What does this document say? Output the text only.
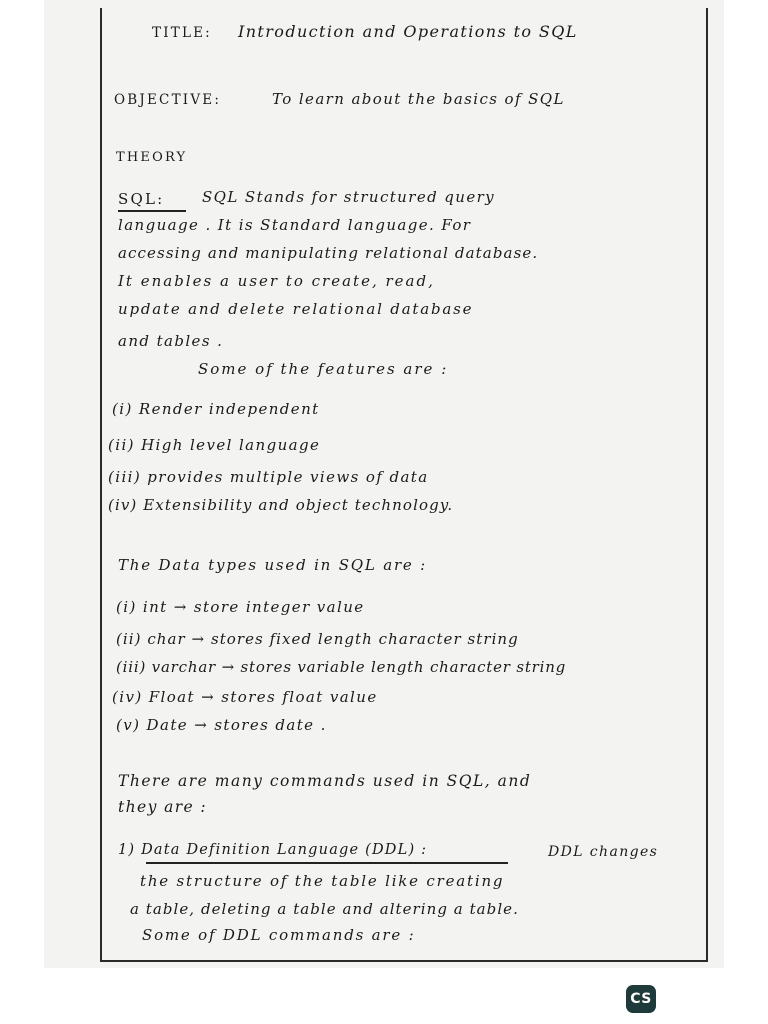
TITLE: Introduction and Operations to SQL
OBJECTIVE:	To learn about the basics of SQL
THEORY
SQL:	SQL Stands for structured query
language . It is Standard language. For
accessing and manipulating relational database.
It enables a user to create, read,
update and delete relational database
and tables .
Some of the features are :
(i) Render independent
(ii) High level language
(iii) provides multiple views of data
(iv) Extensibility and object technology.
The Data types used in SQL are :
(i) int → store integer value
(ii) char → stores fixed length character string
(iii) varchar → stores variable length character string
(iv) Float → stores float value
(v) Date → stores date .
There are many commands used in SQL, and
they are :
1) Data Definition Language (DDL) :	DDL changes
the structure of the table like creating
a table, deleting a table and altering a table.
Some of DDL commands are :
CS
